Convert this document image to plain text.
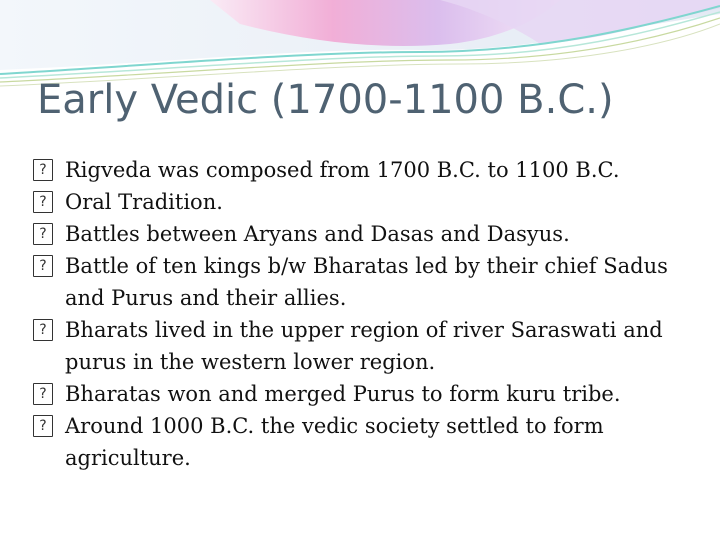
Early Vedic (1700-1100 B.C.)
?
Rigveda was composed from 1700 B.C. to 1100 B.C.
?
Oral Tradition.
?
Battles between Aryans and Dasas and Dasyus.
?
Battle of ten kings b/w Bharatas led by their chief Sadus and Purus and their allies.
?
Bharats lived in the upper region of river Saraswati and purus in the western lower region.
?
Bharatas won and merged Purus to form kuru tribe.
?
Around 1000 B.C. the vedic society settled to form agriculture.
